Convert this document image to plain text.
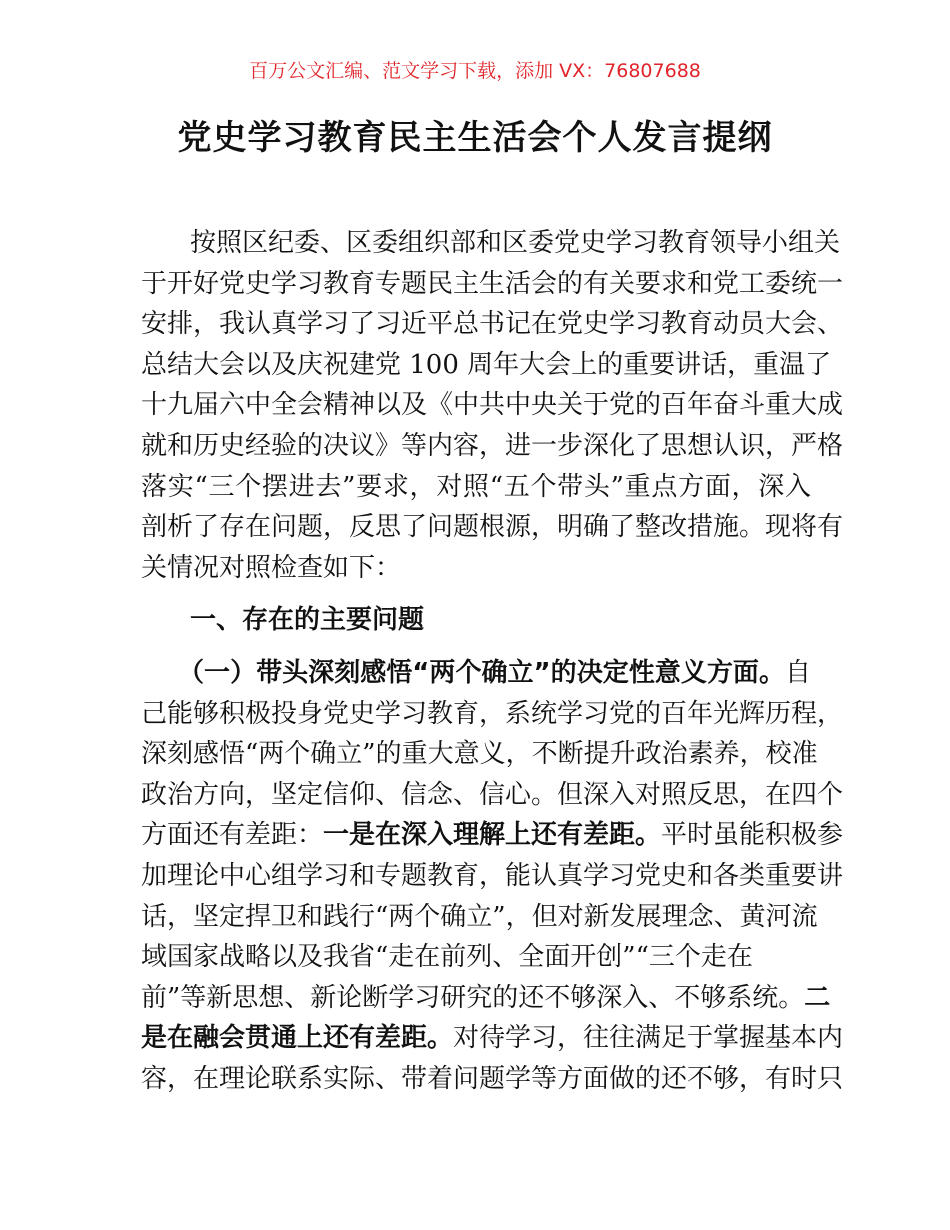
百万公文汇编、范文学习下载，添加 VX：76807688
党史学习教育民主生活会个人发言提纲
按照区纪委、区委组织部和区委党史学习教育领导小组关
于开好党史学习教育专题民主生活会的有关要求和党工委统一
安排，我认真学习了习近平总书记在党史学习教育动员大会、
总结大会以及庆祝建党 100 周年大会上的重要讲话，重温了
十九届六中全会精神以及《中共中央关于党的百年奋斗重大成
就和历史经验的决议》等内容，进一步深化了思想认识，严格
落实“三个摆进去”要求，对照“五个带头”重点方面，深入
剖析了存在问题，反思了问题根源，明确了整改措施。现将有
关情况对照检查如下：
一、存在的主要问题
（一）带头深刻感悟“两个确立”的决定性意义方面。自
己能够积极投身党史学习教育，系统学习党的百年光辉历程，
深刻感悟“两个确立”的重大意义，不断提升政治素养，校准
政治方向，坚定信仰、信念、信心。但深入对照反思，在四个
方面还有差距：一是在深入理解上还有差距。平时虽能积极参
加理论中心组学习和专题教育，能认真学习党史和各类重要讲
话，坚定捍卫和践行“两个确立”，但对新发展理念、黄河流
域国家战略以及我省“走在前列、全面开创”“三个走在
前”等新思想、新论断学习研究的还不够深入、不够系统。二
是在融会贯通上还有差距。对待学习，往往满足于掌握基本内
容，在理论联系实际、带着问题学等方面做的还不够，有时只
